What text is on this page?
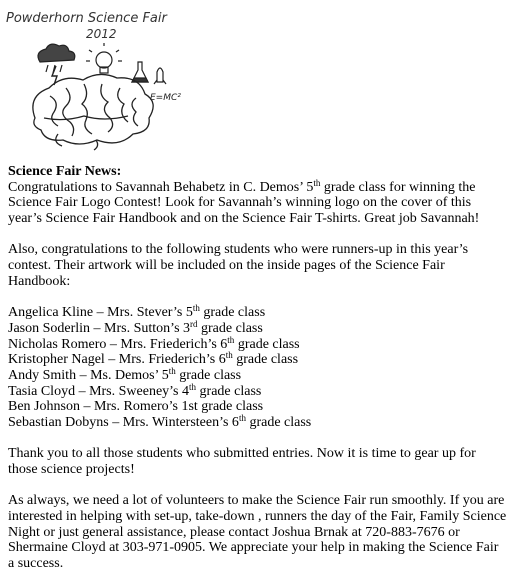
Powderhorn Science Fair
2012
E=MC²

Science Fair News:

Congratulations to Savannah Behabetz in C. Demos’ 5th grade class for winning the
Science Fair Logo Contest! Look for Savannah’s winning logo on the cover of this
year’s Science Fair Handbook and on the Science Fair T-shirts. Great job Savannah!

Also, congratulations to the following students who were runners-up in this year’s
contest. Their artwork will be included on the inside pages of the Science Fair
Handbook:

Angelica Kline – Mrs. Stever’s 5th grade class

Jason Soderlin – Mrs. Sutton’s 3rd grade class

Nicholas Romero – Mrs. Friederich’s 6th grade class

Kristopher Nagel – Mrs. Friederich’s 6th grade class

Andy Smith – Ms. Demos’ 5th grade class

Tasia Cloyd – Mrs. Sweeney’s 4th grade class

Ben Johnson – Mrs. Romero’s 1st grade class

Sebastian Dobyns – Mrs. Wintersteen’s 6th grade class

Thank you to all those students who submitted entries. Now it is time to gear up for
those science projects!

As always, we need a lot of volunteers to make the Science Fair run smoothly. If you are
interested in helping with set-up, take-down , runners the day of the Fair, Family Science
Night or just general assistance, please contact Joshua Brnak at 720-883-7676 or
Shermaine Cloyd at 303-971-0905. We appreciate your help in making the Science Fair
a success.
